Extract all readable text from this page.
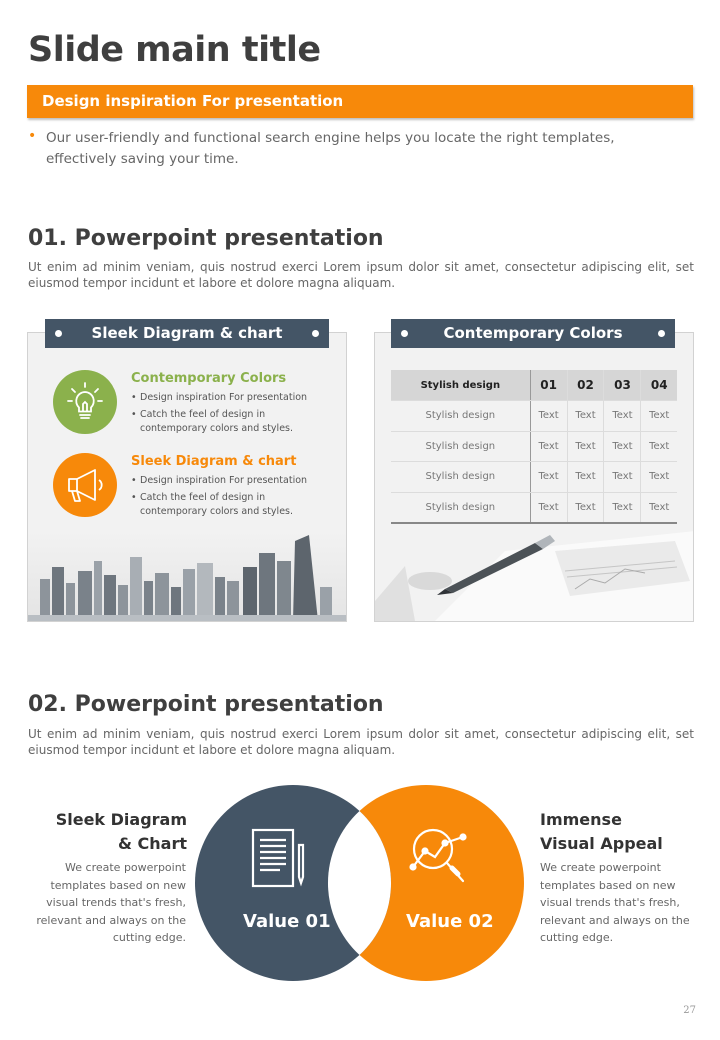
Slide main title
Design inspiration For presentation
• Our user-friendly and functional search engine helps you locate the right templates, effectively saving your time.
01. Powerpoint presentation
Ut enim ad minim veniam, quis nostrud exerci Lorem ipsum dolor sit amet, consectetur adipiscing elit, set eiusmod tempor incidunt et labore et dolore magna aliquam.
Contemporary Colors
• Design inspiration For presentation
• Catch the feel of design in contemporary colors and styles.
Sleek Diagram & chart
• Design inspiration For presentation
• Catch the feel of design in contemporary colors and styles.
Sleek Diagram & chart
Stylish design	01	02	03	04
Stylish design	Text	Text	Text	Text
Stylish design	Text	Text	Text	Text
Stylish design	Text	Text	Text	Text
Stylish design	Text	Text	Text	Text
Contemporary Colors
02. Powerpoint presentation
Ut enim ad minim veniam, quis nostrud exerci Lorem ipsum dolor sit amet, consectetur adipiscing elit, set eiusmod tempor incidunt et labore et dolore magna aliquam.
Sleek Diagram
& Chart
We create powerpoint templates based on new visual trends that's fresh, relevant and always on the cutting edge.
Value 01	Value 02
Immense
Visual Appeal
We create powerpoint templates based on new visual trends that's fresh, relevant and always on the cutting edge.
27
